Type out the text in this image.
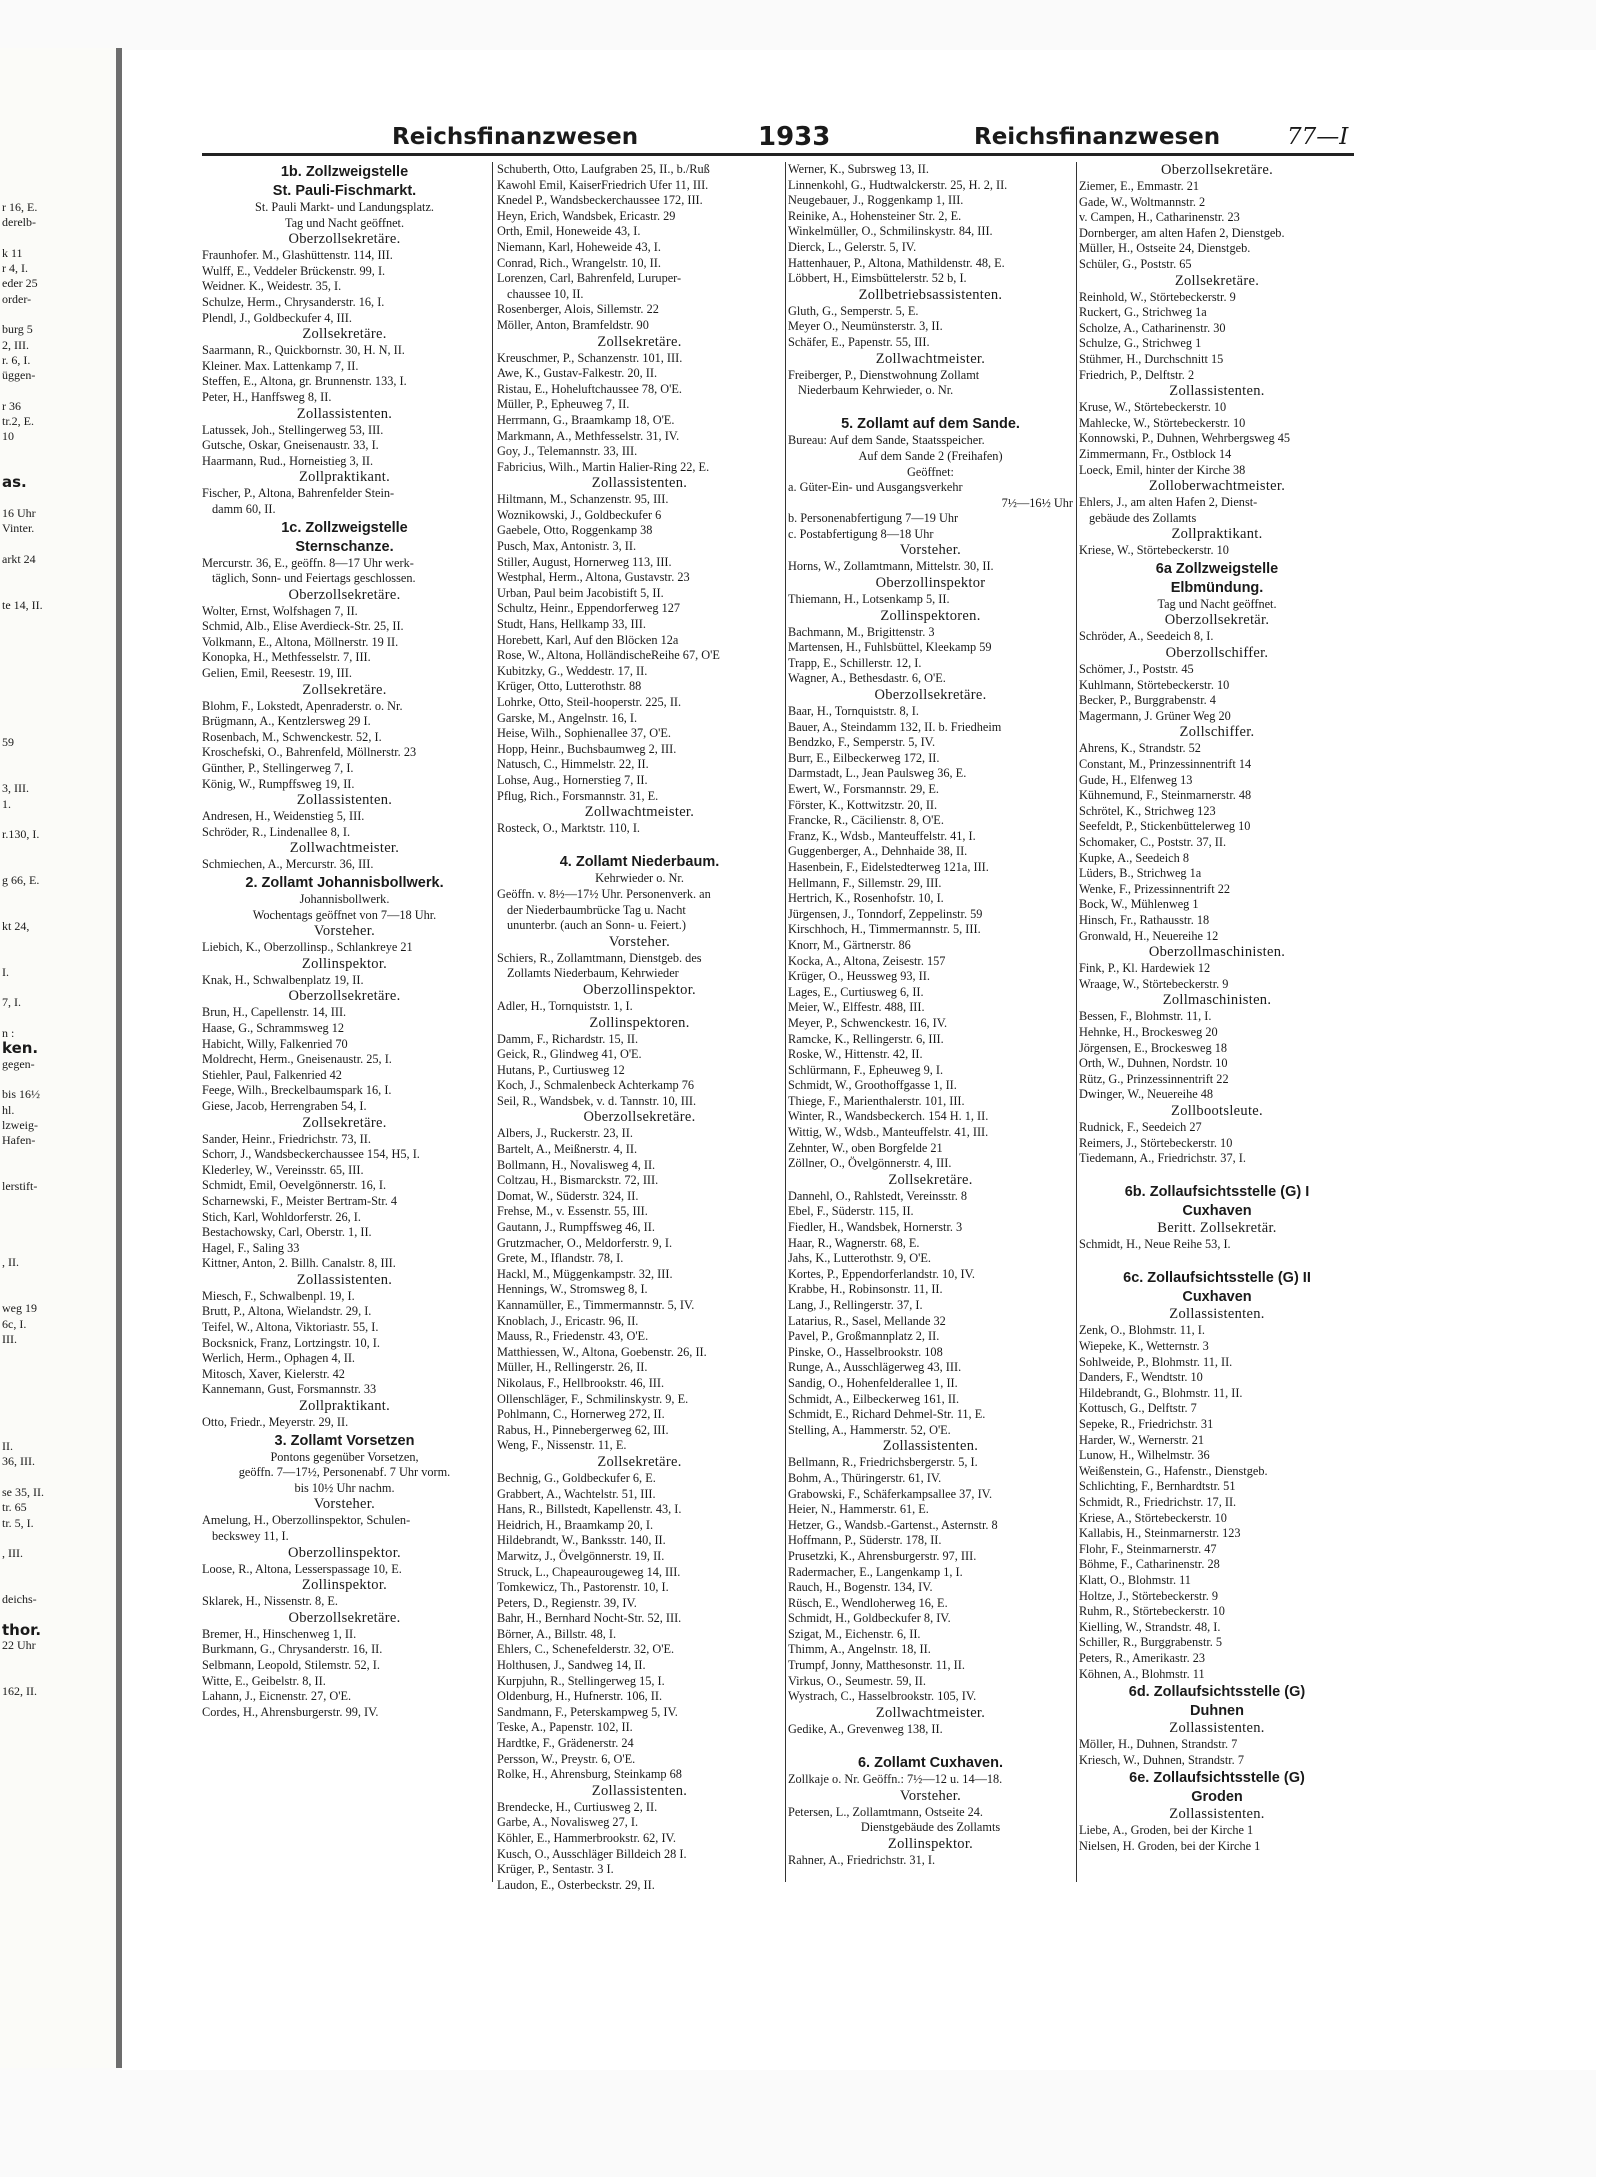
r 16, E.
derelb-

k 11
r 4, I.
eder 25
order-

burg 5
2, III.
r. 6, I.
üggen-

r 36
tr.2, E.
10

as.

16 Uhr
Vinter.

arkt 24

te 14, II.

59

3, III.
1.

r.130, I.

g 66, E.

kt 24,

I.

7, I.

n :
ken.
gegen-

bis 16½
hl.
lzweig-
Hafen-

lerstift-

, II.

weg 19
6c, I.
III.

II.
36, III.

se 35, II.
tr. 65
tr. 5, I.

, III.

deichs-

thor.
22 Uhr

162, II.
Reichsfinanzwesen	1933	Reichsfinanzwesen	77—I
1b. Zollzweigstelle
St. Pauli-Fischmarkt.
St. Pauli Markt- und Landungsplatz.
Tag und Nacht geöffnet.
Oberzollsekretäre.
Fraunhofer. M., Glashüttenstr. 114, III.
Wulff, E., Veddeler Brückenstr. 99, I.
Weidner. K., Weidestr. 35, I.
Schulze, Herm., Chrysanderstr. 16, I.
Plendl, J., Goldbeckufer 4, III.
Zollsekretäre.
Saarmann, R., Quickbornstr. 30, H. N, II.
Kleiner. Max. Lattenkamp 7, II.
Steffen, E., Altona, gr. Brunnenstr. 133, I.
Peter, H., Hanffsweg 8, II.
Zollassistenten.
Latussek, Joh., Stellingerweg 53, III.
Gutsche, Oskar, Gneisenaustr. 33, I.
Haarmann, Rud., Horneistieg 3, II.
Zollpraktikant.
Fischer, P., Altona, Bahrenfelder Stein-
damm 60, II.
1c. Zollzweigstelle
Sternschanze.
Mercurstr. 36, E., geöffn. 8—17 Uhr werk-
täglich, Sonn- und Feiertags geschlossen.
Oberzollsekretäre.
Wolter, Ernst, Wolfshagen 7, II.
Schmid, Alb., Elise Averdieck-Str. 25, II.
Volkmann, E., Altona, Möllnerstr. 19 II.
Konopka, H., Methfesselstr. 7, III.
Gelien, Emil, Reesestr. 19, III.
Zollsekretäre.
Blohm, F., Lokstedt, Apenraderstr. o. Nr.
Brügmann, A., Kentzlersweg 29 I.
Rosenbach, M., Schwenckestr. 52, I.
Kroschefski, O., Bahrenfeld, Möllnerstr. 23
Günther, P., Stellingerweg 7, I.
König, W., Rumpffsweg 19, II.
Zollassistenten.
Andresen, H., Weidenstieg 5, III.
Schröder, R., Lindenallee 8, I.
Zollwachtmeister.
Schmiechen, A., Mercurstr. 36, III.
2. Zollamt Johannisbollwerk.
Johannisbollwerk.
Wochentags geöffnet von 7—18 Uhr.
Vorsteher.
Liebich, K., Oberzollinsp., Schlankreye 21
Zollinspektor.
Knak, H., Schwalbenplatz 19, II.
Oberzollsekretäre.
Brun, H., Capellenstr. 14, III.
Haase, G., Schrammsweg 12
Habicht, Willy, Falkenried 70
Moldrecht, Herm., Gneisenaustr. 25, I.
Stiehler, Paul, Falkenried 42
Feege, Wilh., Breckelbaumspark 16, I.
Giese, Jacob, Herrengraben 54, I.
Zollsekretäre.
Sander, Heinr., Friedrichstr. 73, II.
Schorr, J., Wandsbeckerchaussee 154, H5, I.
Klederley, W., Vereinsstr. 65, III.
Schmidt, Emil, Oevelgönnerstr. 16, I.
Scharnewski, F., Meister Bertram-Str. 4
Stich, Karl, Wohldorferstr. 26, I.
Bestachowsky, Carl, Oberstr. 1, II.
Hagel, F., Saling 33
Kittner, Anton, 2. Billh. Canalstr. 8, III.
Zollassistenten.
Miesch, F., Schwalbenpl. 19, I.
Brutt, P., Altona, Wielandstr. 29, I.
Teifel, W., Altona, Viktoriastr. 55, I.
Bocksnick, Franz, Lortzingstr. 10, I.
Werlich, Herm., Ophagen 4, II.
Mitosch, Xaver, Kielerstr. 42
Kannemann, Gust, Forsmannstr. 33
Zollpraktikant.
Otto, Friedr., Meyerstr. 29, II.
3. Zollamt Vorsetzen
Pontons gegenüber Vorsetzen,
geöffn. 7—17½, Personenabf. 7 Uhr vorm.
bis 10½ Uhr nachm.
Vorsteher.
Amelung, H., Oberzollinspektor, Schulen-
beckswey 11, I.
Oberzollinspektor.
Loose, R., Altona, Lesserspassage 10, E.
Zollinspektor.
Sklarek, H., Nissenstr. 8, E.
Oberzollsekretäre.
Bremer, H., Hinschenweg 1, II.
Burkmann, G., Chrysanderstr. 16, II.
Selbmann, Leopold, Stilemstr. 52, I.
Witte, E., Geibelstr. 8, II.
Lahann, J., Eicnenstr. 27, O'E.
Cordes, H., Ahrensburgerstr. 99, IV.
Schuberth, Otto, Laufgraben 25, II., b./Ruß
Kawohl Emil, KaiserFriedrich Ufer 11, III.
Knedel P., Wandsbeckerchaussee 172, III.
Heyn, Erich, Wandsbek, Ericastr. 29
Orth, Emil, Honeweide 43, I.
Niemann, Karl, Hoheweide 43, I.
Conrad, Rich., Wrangelstr. 10, II.
Lorenzen, Carl, Bahrenfeld, Luruper-
chaussee 10, II.
Rosenberger, Alois, Sillemstr. 22
Möller, Anton, Bramfeldstr. 90
Zollsekretäre.
Kreuschmer, P., Schanzenstr. 101, III.
Awe, K., Gustav-Falkestr. 20, II.
Ristau, E., Hoheluftchaussee 78, O'E.
Müller, P., Epheuweg 7, II.
Herrmann, G., Braamkamp 18, O'E.
Markmann, A., Methfesselstr. 31, IV.
Goy, J., Telemannstr. 33, III.
Fabricius, Wilh., Martin Halier-Ring 22, E.
Zollassistenten.
Hiltmann, M., Schanzenstr. 95, III.
Woznikowski, J., Goldbeckufer 6
Gaebele, Otto, Roggenkamp 38
Pusch, Max, Antonistr. 3, II.
Stiller, August, Hornerweg 113, III.
Westphal, Herm., Altona, Gustavstr. 23
Urban, Paul beim Jacobistift 5, II.
Schultz, Heinr., Eppendorferweg 127
Studt, Hans, Hellkamp 33, III.
Horebett, Karl, Auf den Blöcken 12a
Rose, W., Altona, HolländischeReihe 67, O'E
Kubitzky, G., Weddestr. 17, II.
Krüger, Otto, Lutterothstr. 88
Lohrke, Otto, Steil-hooperstr. 225, II.
Garske, M., Angelnstr. 16, I.
Heise, Wilh., Sophienallee 37, O'E.
Hopp, Heinr., Buchsbaumweg 2, III.
Natusch, C., Himmelstr. 22, II.
Lohse, Aug., Hornerstieg 7, II.
Pflug, Rich., Forsmannstr. 31, E.
Zollwachtmeister.
Rosteck, O., Marktstr. 110, I.

4. Zollamt Niederbaum.
Kehrwieder o. Nr.
Geöffn. v. 8½—17½ Uhr. Personenverk. an
der Niederbaumbrücke Tag u. Nacht
ununterbr. (auch an Sonn- u. Feiert.)
Vorsteher.
Schiers, R., Zollamtmann, Dienstgeb. des
Zollamts Niederbaum, Kehrwieder
Oberzollinspektor.
Adler, H., Tornquiststr. 1, I.
Zollinspektoren.
Damm, F., Richardstr. 15, II.
Geick, R., Glindweg 41, O'E.
Hutans, P., Curtiusweg 12
Koch, J., Schmalenbeck Achterkamp 76
Seil, R., Wandsbek, v. d. Tannstr. 10, III.
Oberzollsekretäre.
Albers, J., Ruckerstr. 23, II.
Bartelt, A., Meißnerstr. 4, II.
Bollmann, H., Novalisweg 4, II.
Coltzau, H., Bismarckstr. 72, III.
Domat, W., Süderstr. 324, II.
Frehse, M., v. Essenstr. 55, III.
Gautann, J., Rumpffsweg 46, II.
Grutzmacher, O., Meldorferstr. 9, I.
Grete, M., Iflandstr. 78, I.
Hackl, M., Müggenkampstr. 32, III.
Hennings, W., Stromsweg 8, I.
Kannamüller, E., Timmermannstr. 5, IV.
Knoblach, J., Ericastr. 96, II.
Mauss, R., Friedenstr. 43, O'E.
Matthiessen, W., Altona, Goebenstr. 26, II.
Müller, H., Rellingerstr. 26, II.
Nikolaus, F., Hellbrookstr. 46, III.
Ollenschläger, F., Schmilinskystr. 9, E.
Pohlmann, C., Hornerweg 272, II.
Rabus, H., Pinnebergerweg 62, III.
Weng, F., Nissenstr. 11, E.
Zollsekretäre.
Bechnig, G., Goldbeckufer 6, E.
Grabbert, A., Wachtelstr. 51, III.
Hans, R., Billstedt, Kapellenstr. 43, I.
Heidrich, H., Braamkamp 20, I.
Hildebrandt, W., Banksstr. 140, II.
Marwitz, J., Övelgönnerstr. 19, II.
Struck, L., Chapeaurougeweg 14, III.
Tomkewicz, Th., Pastorenstr. 10, I.
Peters, D., Regienstr. 39, IV.
Bahr, H., Bernhard Nocht-Str. 52, III.
Börner, A., Billstr. 48, I.
Ehlers, C., Schenefelderstr. 32, O'E.
Holthusen, J., Sandweg 14, II.
Kurpjuhn, R., Stellingerweg 15, I.
Oldenburg, H., Hufnerstr. 106, II.
Sandmann, F., Peterskampweg 5, IV.
Teske, A., Papenstr. 102, II.
Hardtke, F., Grädenerstr. 24
Persson, W., Preystr. 6, O'E.
Rolke, H., Ahrensburg, Steinkamp 68
Zollassistenten.
Brendecke, H., Curtiusweg 2, II.
Garbe, A., Novalisweg 27, I.
Köhler, E., Hammerbrookstr. 62, IV.
Kusch, O., Ausschläger Billdeich 28 I.
Krüger, P., Sentastr. 3 I.
Laudon, E., Osterbeckstr. 29, II.
Werner, K., Subrsweg 13, II.
Linnenkohl, G., Hudtwalckerstr. 25, H. 2, II.
Neugebauer, J., Roggenkamp 1, III.
Reinike, A., Hohensteiner Str. 2, E.
Winkelmüller, O., Schmilinskystr. 84, III.
Dierck, L., Gelerstr. 5, IV.
Hattenhauer, P., Altona, Mathildenstr. 48, E.
Löbbert, H., Eimsbüttelerstr. 52 b, I.
Zollbetriebsassistenten.
Gluth, G., Semperstr. 5, E.
Meyer O., Neumünsterstr. 3, II.
Schäfer, E., Papenstr. 55, III.
Zollwachtmeister.
Freiberger, P., Dienstwohnung Zollamt
Niederbaum Kehrwieder, o. Nr.

5. Zollamt auf dem Sande.
Bureau: Auf dem Sande, Staatsspeicher.
Auf dem Sande 2 (Freihafen)
Geöffnet:
a. Güter-Ein- und Ausgangsverkehr
7½—16½ Uhr
b. Personenabfertigung 7—19 Uhr
c. Postabfertigung 8—18 Uhr
Vorsteher.
Horns, W., Zollamtmann, Mittelstr. 30, II.
Oberzollinspektor
Thiemann, H., Lotsenkamp 5, II.
Zollinspektoren.
Bachmann, M., Brigittenstr. 3
Martensen, H., Fuhlsbüttel, Kleekamp 59
Trapp, E., Schillerstr. 12, I.
Wagner, A., Bethesdastr. 6, O'E.
Oberzollsekretäre.
Baar, H., Tornquiststr. 8, I.
Bauer, A., Steindamm 132, II. b. Friedheim
Bendzko, F., Semperstr. 5, IV.
Burr, E., Eilbeckerweg 172, II.
Darmstadt, L., Jean Paulsweg 36, E.
Ewert, W., Forsmannstr. 29, E.
Förster, K., Kottwitzstr. 20, II.
Francke, R., Cäcilienstr. 8, O'E.
Franz, K., Wdsb., Manteuffelstr. 41, I.
Guggenberger, A., Dehnhaide 38, II.
Hasenbein, F., Eidelstedterweg 121a, III.
Hellmann, F., Sillemstr. 29, III.
Hertrich, K., Rosenhofstr. 10, I.
Jürgensen, J., Tonndorf, Zeppelinstr. 59
Kirschhoch, H., Timmermannstr. 5, III.
Knorr, M., Gärtnerstr. 86
Kocka, A., Altona, Zeisestr. 157
Krüger, O., Heussweg 93, II.
Lages, E., Curtiusweg 6, II.
Meier, W., Elffestr. 488, III.
Meyer, P., Schwenckestr. 16, IV.
Ramcke, K., Rellingerstr. 6, III.
Roske, W., Hittenstr. 42, II.
Schlürmann, F., Epheuweg 9, I.
Schmidt, W., Groothoffgasse 1, II.
Thiege, F., Marienthalerstr. 101, III.
Winter, R., Wandsbeckerch. 154 H. 1, II.
Wittig, W., Wdsb., Manteuffelstr. 41, III.
Zehnter, W., oben Borgfelde 21
Zöllner, O., Övelgönnerstr. 4, III.
Zollsekretäre.
Dannehl, O., Rahlstedt, Vereinsstr. 8
Ebel, F., Süderstr. 115, II.
Fiedler, H., Wandsbek, Hornerstr. 3
Haar, R., Wagnerstr. 68, E.
Jahs, K., Lutterothstr. 9, O'E.
Kortes, P., Eppendorferlandstr. 10, IV.
Krabbe, H., Robinsonstr. 11, II.
Lang, J., Rellingerstr. 37, I.
Latarius, R., Sasel, Mellande 32
Pavel, P., Großmannplatz 2, II.
Pinske, O., Hasselbrookstr. 108
Runge, A., Ausschlägerweg 43, III.
Sandig, O., Hohenfelderallee 1, II.
Schmidt, A., Eilbeckerweg 161, II.
Schmidt, E., Richard Dehmel-Str. 11, E.
Stelling, A., Hammerstr. 52, O'E.
Zollassistenten.
Bellmann, R., Friedrichsbergerstr. 5, I.
Bohm, A., Thüringerstr. 61, IV.
Grabowski, F., Schäferkampsallee 37, IV.
Heier, N., Hammerstr. 61, E.
Hetzer, G., Wandsb.-Gartenst., Asternstr. 8
Hoffmann, P., Süderstr. 178, II.
Prusetzki, K., Ahrensburgerstr. 97, III.
Radermacher, E., Langenkamp 1, I.
Rauch, H., Bogenstr. 134, IV.
Rüsch, E., Wendloherweg 16, E.
Schmidt, H., Goldbeckufer 8, IV.
Szigat, M., Eichenstr. 6, II.
Thimm, A., Angelnstr. 18, II.
Trumpf, Jonny, Matthesonstr. 11, II.
Virkus, O., Seumestr. 59, II.
Wystrach, C., Hasselbrookstr. 105, IV.
Zollwachtmeister.
Gedike, A., Grevenweg 138, II.

6. Zollamt Cuxhaven.
Zollkaje o. Nr. Geöffn.: 7½—12 u. 14—18.
Vorsteher.
Petersen, L., Zollamtmann, Ostseite 24.
Dienstgebäude des Zollamts
Zollinspektor.
Rahner, A., Friedrichstr. 31, I.
Oberzollsekretäre.
Ziemer, E., Emmastr. 21
Gade, W., Woltmannstr. 2
v. Campen, H., Catharinenstr. 23
Dornberger, am alten Hafen 2, Dienstgeb.
Müller, H., Ostseite 24, Dienstgeb.
Schüler, G., Poststr. 65
Zollsekretäre.
Reinhold, W., Störtebeckerstr. 9
Ruckert, G., Strichweg 1a
Scholze, A., Catharinenstr. 30
Schulze, G., Strichweg 1
Stühmer, H., Durchschnitt 15
Friedrich, P., Delftstr. 2
Zollassistenten.
Kruse, W., Störtebeckerstr. 10
Mahlecke, W., Störtebeckerstr. 10
Konnowski, P., Duhnen, Wehrbergsweg 45
Zimmermann, Fr., Ostblock 14
Loeck, Emil, hinter der Kirche 38
Zolloberwachtmeister.
Ehlers, J., am alten Hafen 2, Dienst-
gebäude des Zollamts
Zollpraktikant.
Kriese, W., Störtebeckerstr. 10
6a Zollzweigstelle
Elbmündung.
Tag und Nacht geöffnet.
Oberzollsekretär.
Schröder, A., Seedeich 8, I.
Oberzollschiffer.
Schömer, J., Poststr. 45
Kuhlmann, Störtebeckerstr. 10
Becker, P., Burggrabenstr. 4
Magermann, J. Grüner Weg 20
Zollschiffer.
Ahrens, K., Strandstr. 52
Constant, M., Prinzessinnentrift 14
Gude, H., Elfenweg 13
Kühnemund, F., Steinmarnerstr. 48
Schrötel, K., Strichweg 123
Seefeldt, P., Stickenbüttelerweg 10
Schomaker, C., Poststr. 37, II.
Kupke, A., Seedeich 8
Lüders, B., Strichweg 1a
Wenke, F., Prizessinnentrift 22
Bock, W., Mühlenweg 1
Hinsch, Fr., Rathausstr. 18
Gronwald, H., Neuereihe 12
Oberzollmaschinisten.
Fink, P., Kl. Hardewiek 12
Wraage, W., Störtebeckerstr. 9
Zollmaschinisten.
Bessen, F., Blohmstr. 11, I.
Hehnke, H., Brockesweg 20
Jörgensen, E., Brockesweg 18
Orth, W., Duhnen, Nordstr. 10
Rütz, G., Prinzessinnentrift 22
Dwinger, W., Neuereihe 48
Zollbootsleute.
Rudnick, F., Seedeich 27
Reimers, J., Störtebeckerstr. 10
Tiedemann, A., Friedrichstr. 37, I.

6b. Zollaufsichtsstelle (G) I
Cuxhaven
Beritt. Zollsekretär.
Schmidt, H., Neue Reihe 53, I.

6c. Zollaufsichtsstelle (G) II
Cuxhaven
Zollassistenten.
Zenk, O., Blohmstr. 11, I.
Wiepeke, K., Wetternstr. 3
Sohlweide, P., Blohmstr. 11, II.
Danders, F., Wendtstr. 10
Hildebrandt, G., Blohmstr. 11, II.
Kottusch, G., Delftstr. 7
Sepeke, R., Friedrichstr. 31
Harder, W., Wernerstr. 21
Lunow, H., Wilhelmstr. 36
Weißenstein, G., Hafenstr., Dienstgeb.
Schlichting, F., Bernhardtstr. 51
Schmidt, R., Friedrichstr. 17, II.
Kriese, A., Störtebeckerstr. 10
Kallabis, H., Steinmarnerstr. 123
Flohr, F., Steinmarnerstr. 47
Böhme, F., Catharinenstr. 28
Klatt, O., Blohmstr. 11
Holtze, J., Störtebeckerstr. 9
Ruhm, R., Störtebeckerstr. 10
Kielling, W., Strandstr. 48, I.
Schiller, R., Burggrabenstr. 5
Peters, R., Amerikastr. 23
Köhnen, A., Blohmstr. 11
6d. Zollaufsichtsstelle (G)
Duhnen
Zollassistenten.
Möller, H., Duhnen, Strandstr. 7
Kriesch, W., Duhnen, Strandstr. 7
6e. Zollaufsichtsstelle (G)
Groden
Zollassistenten.
Liebe, A., Groden, bei der Kirche 1
Nielsen, H. Groden, bei der Kirche 1
